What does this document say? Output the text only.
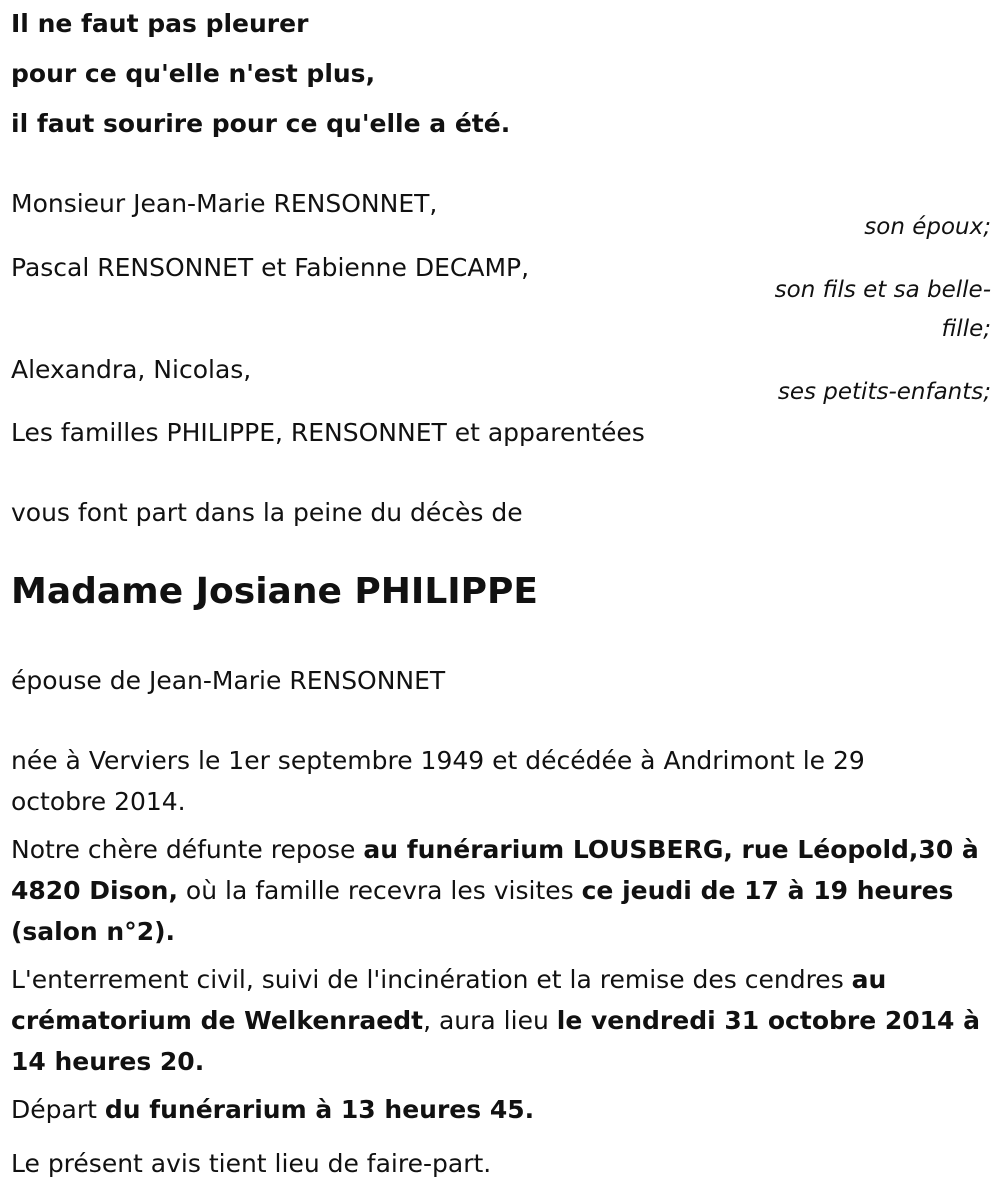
Il ne faut pas pleurer
pour ce qu'elle n'est plus,
il faut sourire pour ce qu'elle a été.
Monsieur Jean-Marie RENSONNET,
son époux;
Pascal RENSONNET et Fabienne DECAMP,
son fils et sa belle-
fille;
Alexandra, Nicolas,
ses petits-enfants;
Les familles PHILIPPE, RENSONNET et apparentées
vous font part dans la peine du décès de
Madame Josiane PHILIPPE
épouse de Jean-Marie RENSONNET
née à Verviers le 1er septembre 1949 et décédée à Andrimont le 29
octobre 2014.
Notre chère défunte repose au funérarium LOUSBERG, rue Léopold,30 à 4820 Dison, où la famille recevra les visites ce jeudi de 17 à 19 heures (salon n°2).
L'enterrement civil, suivi de l'incinération et la remise des cendres au crématorium de Welkenraedt, aura lieu le vendredi 31 octobre 2014 à 14 heures 20.
Départ du funérarium à 13 heures 45.
Le présent avis tient lieu de faire-part.
